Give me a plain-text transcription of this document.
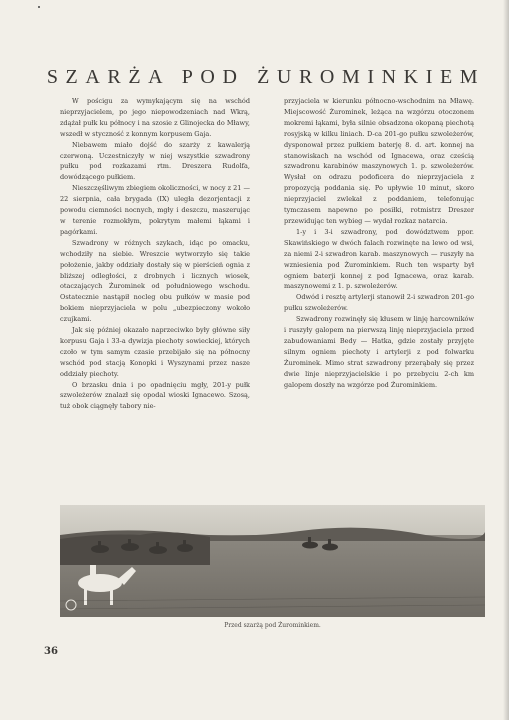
SZARŻA POD ŻUROMINKIEM

W pościgu za wymykającym się na wschód nieprzyjacielem, po jego niepowodzeniach nad Wkrą, zdążał pułk ku północy i na szosie z Glinojecka do Mławy, wszedł w styczność z konnym korpusem Gaja.

Niebawem miało dojść do szarży z kawalerją czerwoną. Uczestniczyły w niej wszystkie szwadrony pułku pod rozkazami rtm. Dreszera Rudolfa, dowódzącego pułkiem.

Nieszczęśliwym zbiegiem okoliczności, w nocy z 21 — 22 sierpnia, cała brygada (IX) uległa dezorjentacji z powodu ciemności nocnych, mgły i deszczu, maszerując w terenie rozmokłym, pokrytym małemi łąkami i pagórkami.

Szwadrony w różnych szykach, idąc po omacku, wchodziły na siebie. Wreszcie wytworzyło się takie położenie, jakby oddziały dostały się w pierścień ognia z bliższej odległości, z drobnych i licznych wiosek, otaczających Żurominek od południowego wschodu. Ostatecznie nastąpił nocleg obu pułków w masie pod bokiem nieprzyjaciela w polu „ubezpieczony wokoło czujkami.

Jak się później okazało naprzeciwko były główne siły korpusu Gaja i 33-a dywizja piechoty sowieckiej, których czoło w tym samym czasie przebijało się na północny wschód pod stacją Konopki i Wyszynami przez nasze oddziały piechoty.

O brzasku dnia i po opadnięciu mgły, 201-y pułk szwoleżerów znalazł się opodal wioski Ignacewo. Szosą, tuż obok ciągnęły tabory nie-

przyjaciela w kierunku północno-wschodnim na Mławę. Miejscowość Żurominek, leżąca na wzgórzu otoczonem mokremi łąkami, była silnie obsadzona okopaną piechotą rosyjską w kilku liniach. D-ca 201-go pułku szwoleżerów, dysponował przez pułkiem baterję 8. d. art. konnej na stanowiskach na wschód od Ignacewa, oraz cześcią szwadronu karabinów maszynowych 1. p. szwoleżerów. Wysłał on odrazu podoficera do nieprzyjaciela z propozycją poddania się. Po upływie 10 minut, skoro nieprzyjaciel zwlekał z poddaniem, telefonując tymczasem napewno po posiłki, rotmistrz Dreszer przewidując ten wybieg — wydał rozkaz natarcia.

1-y i 3-i szwadrony, pod dowództwem ppor. Skawińskiego w dwóch falach rozwinęte na lewo od wsi, za niemi 2-i szwadron karab. maszynowych — ruszyły na wzniesienia pod Żurominkiem. Ruch ten wsparty był ogniem baterji konnej z pod Ignacewa, oraz karab. maszynowemi z 1. p. szwoleżerów.

Odwód i resztę artylerji stanowił 2-i szwadron 201-go pułku szwoleżerów.

Szwadrony rozwinęły się kłusem w linję harcowników i ruszyły galopem na pierwszą linję nieprzyjaciela przed zabudowaniami Bedy — Hatka, gdzie zostały przyjęte silnym ogniem piechoty i artylerji z pod folwarku Żurominek. Mimo strat szwadrony przerąbały się przez dwie linje nieprzyjacielskie i po przebyciu 2-ch km galopem doszły na wzgórze pod Żurominkiem.

Przed szarżą pod Żurominkiem.
36
